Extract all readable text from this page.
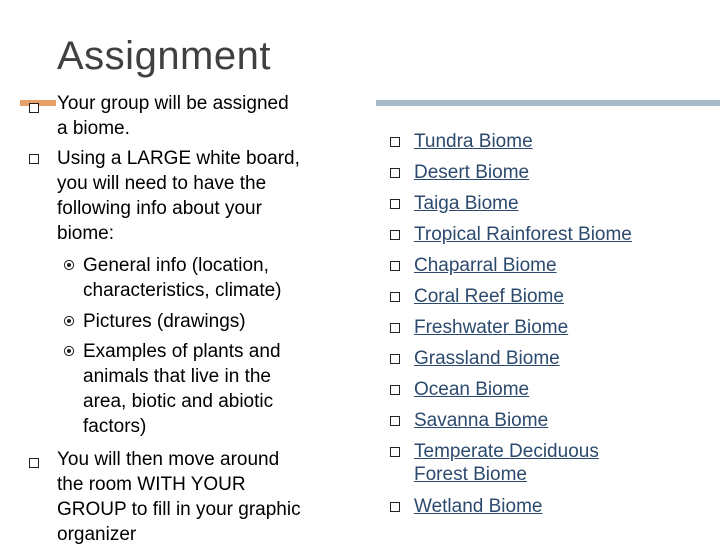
Assignment
Your group will be assigned
a biome.
Using a LARGE white board,
you will need to have the
following info about your
biome:
General info (location,
characteristics, climate)
Pictures (drawings)
Examples of plants and
animals that live in the
area, biotic and abiotic
factors)
You will then move around
the room WITH YOUR
GROUP to fill in your graphic
organizer
Tundra Biome
Desert Biome
Taiga Biome
Tropical Rainforest Biome
Chaparral Biome
Coral Reef Biome
Freshwater Biome
Grassland Biome
Ocean Biome
Savanna Biome
Temperate Deciduous
Forest Biome
Wetland Biome
